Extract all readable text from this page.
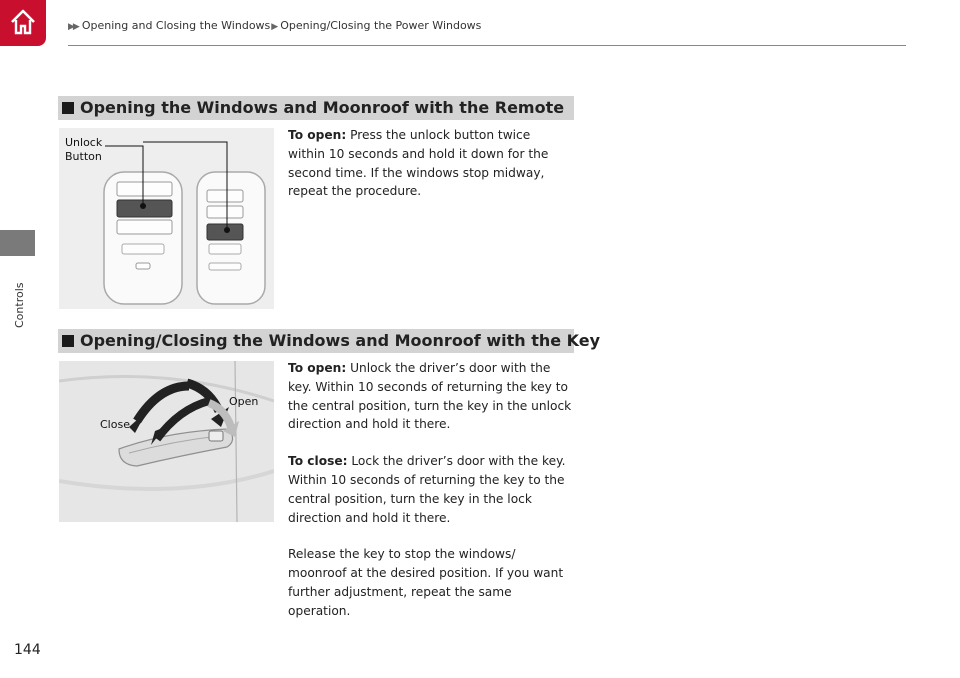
▶▶ Opening and Closing the Windows▶ Opening/Closing the Power Windows
Controls
144
Opening the Windows and Moonroof with the Remote
Unlock
Button
To open: Press the unlock button twice
within 10 seconds and hold it down for the
second time. If the windows stop midway,
repeat the procedure.
Opening/Closing the Windows and Moonroof with the Key
Open
Close
To open: Unlock the driver’s door with the
key. Within 10 seconds of returning the key to
the central position, turn the key in the unlock
direction and hold it there.
To close: Lock the driver’s door with the key.
Within 10 seconds of returning the key to the
central position, turn the key in the lock
direction and hold it there.
Release the key to stop the windows/
moonroof at the desired position. If you want
further adjustment, repeat the same
operation.
